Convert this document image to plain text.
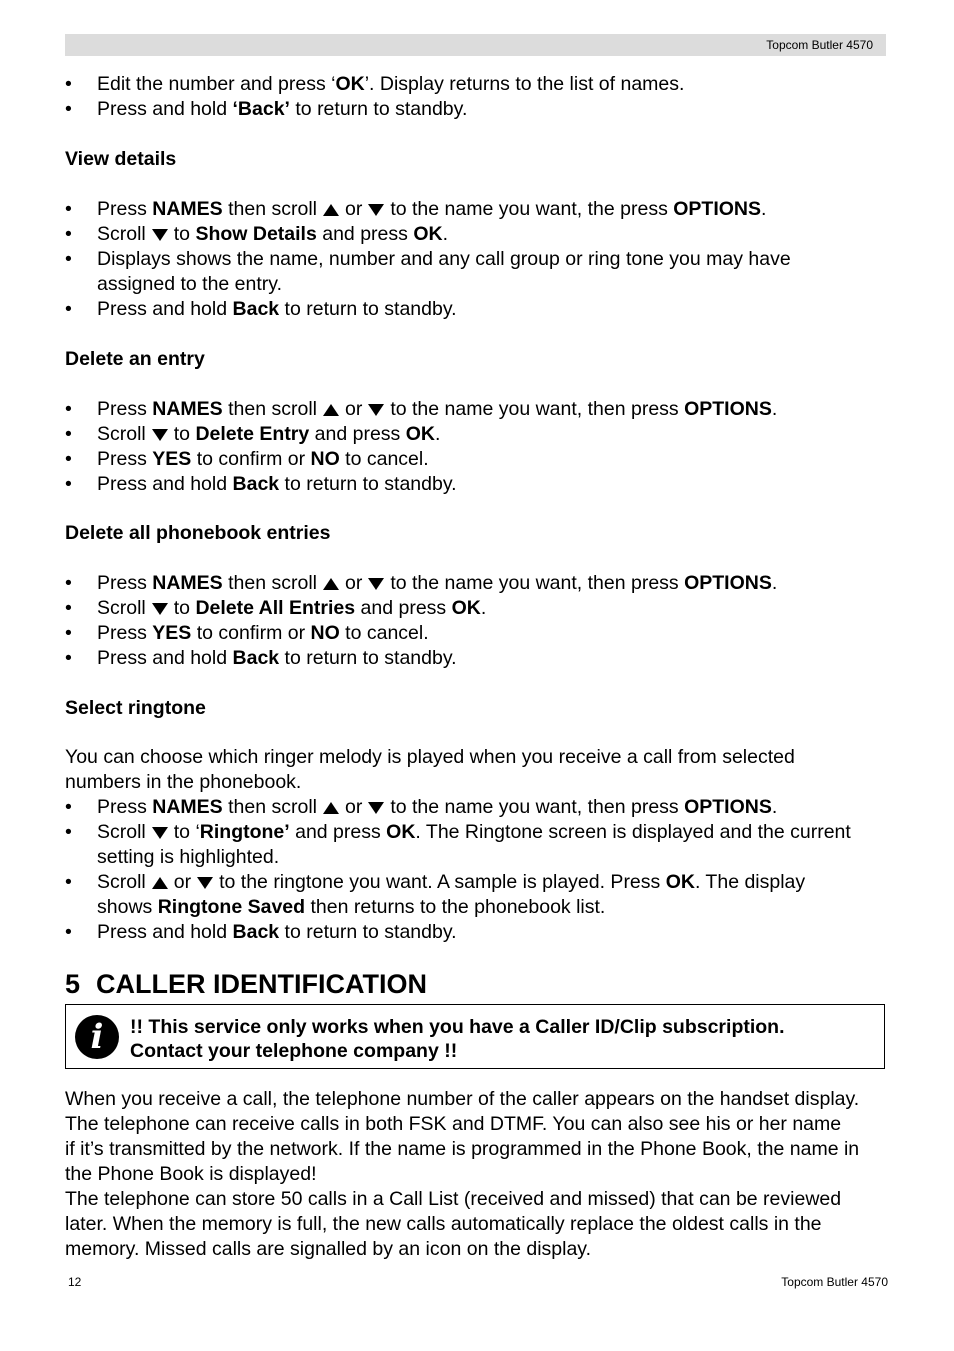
Topcom Butler 4570
• Edit the number and press ‘OK’. Display returns to the list of names.
• Press and hold ‘Back’ to return to standby.
View details
• Press NAMES then scroll or to the name you want, the press OPTIONS.
• Scroll to Show Details and press OK.
• Displays shows the name, number and any call group or ring tone you may have
assigned to the entry.
• Press and hold Back to return to standby.
Delete an entry
• Press NAMES then scroll or to the name you want, then press OPTIONS.
• Scroll to Delete Entry and press OK.
• Press YES to confirm or NO to cancel.
• Press and hold Back to return to standby.
Delete all phonebook entries
• Press NAMES then scroll or to the name you want, then press OPTIONS.
• Scroll to Delete All Entries and press OK.
• Press YES to confirm or NO to cancel.
• Press and hold Back to return to standby.
Select ringtone
You can choose which ringer melody is played when you receive a call from selected
numbers in the phonebook.
• Press NAMES then scroll or to the name you want, then press OPTIONS.
• Scroll to ‘Ringtone’ and press OK. The Ringtone screen is displayed and the current
setting is highlighted.
• Scroll or to the ringtone you want. A sample is played. Press OK. The display
shows Ringtone Saved then returns to the phonebook list.
• Press and hold Back to return to standby.
5 CALLER IDENTIFICATION
i	!! This service only works when you have a Caller ID/Clip subscription.
Contact your telephone company !!
When you receive a call, the telephone number of the caller appears on the handset display.
The telephone can receive calls in both FSK and DTMF. You can also see his or her name
if it’s transmitted by the network. If the name is programmed in the Phone Book, the name in
the Phone Book is displayed!
The telephone can store 50 calls in a Call List (received and missed) that can be reviewed
later. When the memory is full, the new calls automatically replace the oldest calls in the
memory. Missed calls are signalled by an icon on the display.
12	Topcom Butler 4570
